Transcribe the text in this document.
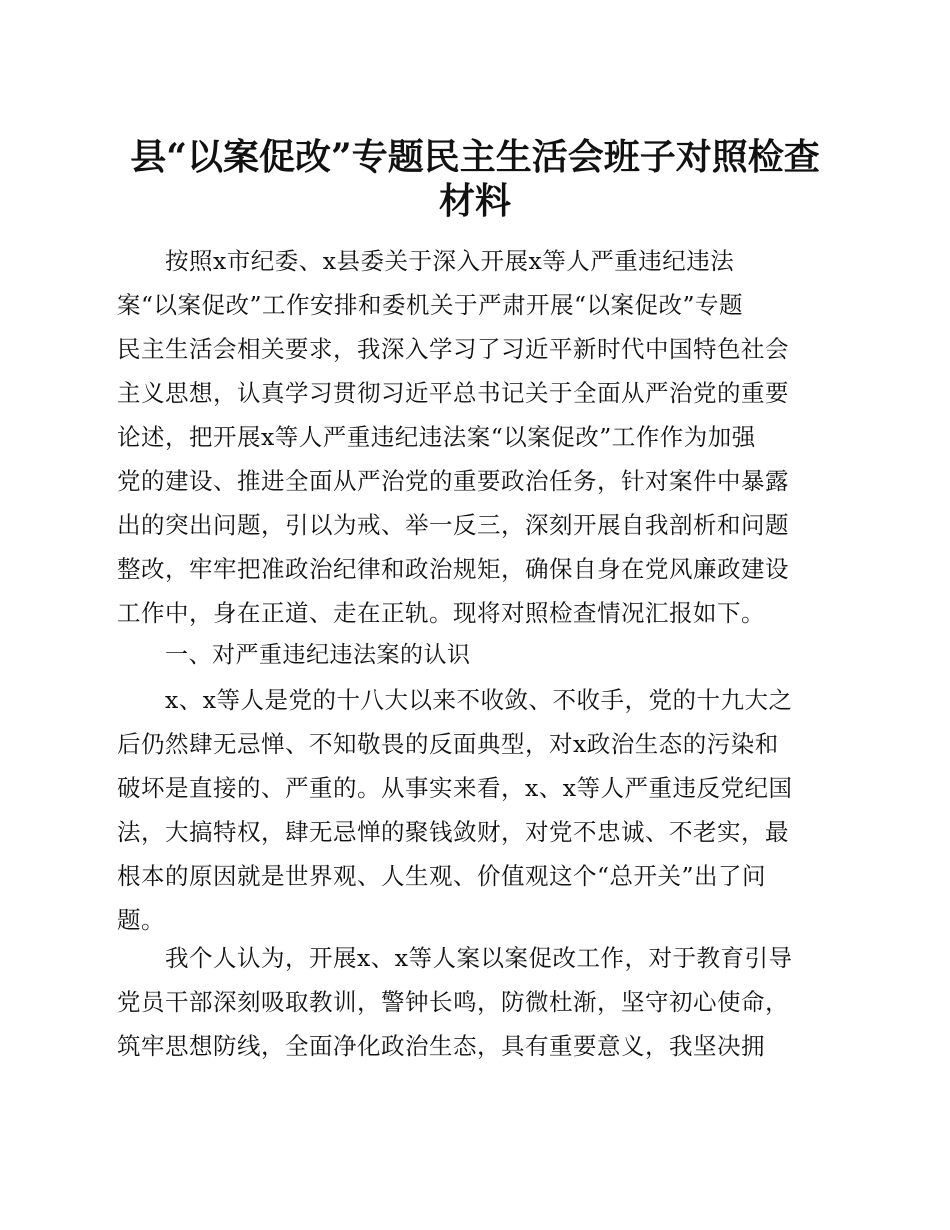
县“以案促改”专题民主生活会班子对照检查
材料
按照x市纪委、x县委关于深入开展x等人严重违纪违法
案“以案促改”工作安排和委机关于严肃开展“以案促改”专题
民主生活会相关要求，我深入学习了习近平新时代中国特色社会
主义思想，认真学习贯彻习近平总书记关于全面从严治党的重要
论述，把开展x等人严重违纪违法案“以案促改”工作作为加强
党的建设、推进全面从严治党的重要政治任务，针对案件中暴露
出的突出问题，引以为戒、举一反三，深刻开展自我剖析和问题
整改，牢牢把准政治纪律和政治规矩，确保自身在党风廉政建设
工作中，身在正道、走在正轨。现将对照检查情况汇报如下。
一、对严重违纪违法案的认识
x、x等人是党的十八大以来不收敛、不收手，党的十九大之
后仍然肆无忌惮、不知敬畏的反面典型，对x政治生态的污染和
破坏是直接的、严重的。从事实来看，x、x等人严重违反党纪国
法，大搞特权，肆无忌惮的聚钱敛财，对党不忠诚、不老实，最
根本的原因就是世界观、人生观、价值观这个“总开关”出了问
题。
我个人认为，开展x、x等人案以案促改工作，对于教育引导
党员干部深刻吸取教训，警钟长鸣，防微杜渐，坚守初心使命，
筑牢思想防线，全面净化政治生态，具有重要意义，我坚决拥
